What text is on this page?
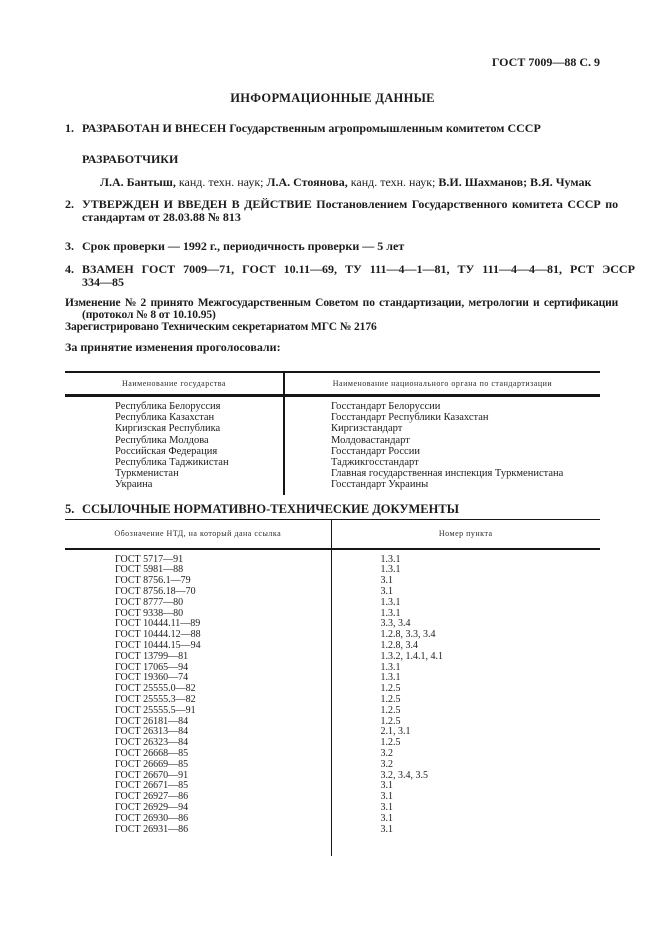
ГОСТ 7009—88 С. 9
ИНФОРМАЦИОННЫЕ ДАННЫЕ
1. РАЗРАБОТАН И ВНЕСЕН Государственным агропромышленным комитетом СССР
РАЗРАБОТЧИКИ
Л.А. Бантыш, канд. техн. наук; Л.А. Стоянова, канд. техн. наук; В.И. Шахманов; В.Я. Чумак
2. УТВЕРЖДЕН И ВВЕДЕН В ДЕЙСТВИЕ Постановлением Государственного комитета СССР по
стандартам от 28.03.88 № 813
3. Срок проверки — 1992 г., периодичность проверки — 5 лет
4. ВЗАМЕН ГОСТ 7009—71, ГОСТ 10.11—69, ТУ 111—4—1—81, ТУ 111—4—4—81, РСТ ЭССР
334—85
Изменение № 2 принято Межгосударственным Советом по стандартизации, метрологии и сертификации
(протокол № 8 от 10.10.95)
Зарегистрировано Техническим секретариатом МГС № 2176
За принятие изменения проголосовали:
Наименование государства	Наименование национального органа по стандартизации
Республика Белоруссия	Госстандарт Белоруссии
Республика Казахстан	Госстандарт Республики Казахстан
Киргизская Республика	Киргизстандарт
Республика Молдова	Молдовастандарт
Российская Федерация	Госстандарт России
Республика Таджикистан	Таджикгосстандарт
Туркменистан	Главная государственная инспекция Туркменистана
Украина	Госстандарт Украины
5. ССЫЛОЧНЫЕ НОРМАТИВНО-ТЕХНИЧЕСКИЕ ДОКУМЕНТЫ
Обозначение НТД, на который дана ссылка	Номер пункта
ГОСТ 5717—91	1.3.1
ГОСТ 5981—88	1.3.1
ГОСТ 8756.1—79	3.1
ГОСТ 8756.18—70	3.1
ГОСТ 8777—80	1.3.1
ГОСТ 9338—80	1.3.1
ГОСТ 10444.11—89	3.3, 3.4
ГОСТ 10444.12—88	1.2.8, 3.3, 3.4
ГОСТ 10444.15—94	1.2.8, 3.4
ГОСТ 13799—81	1.3.2, 1.4.1, 4.1
ГОСТ 17065—94	1.3.1
ГОСТ 19360—74	1.3.1
ГОСТ 25555.0—82	1.2.5
ГОСТ 25555.3—82	1.2.5
ГОСТ 25555.5—91	1.2.5
ГОСТ 26181—84	1.2.5
ГОСТ 26313—84	2.1, 3.1
ГОСТ 26323—84	1.2.5
ГОСТ 26668—85	3.2
ГОСТ 26669—85	3.2
ГОСТ 26670—91	3.2, 3.4, 3.5
ГОСТ 26671—85	3.1
ГОСТ 26927—86	3.1
ГОСТ 26929—94	3.1
ГОСТ 26930—86	3.1
ГОСТ 26931—86	3.1
